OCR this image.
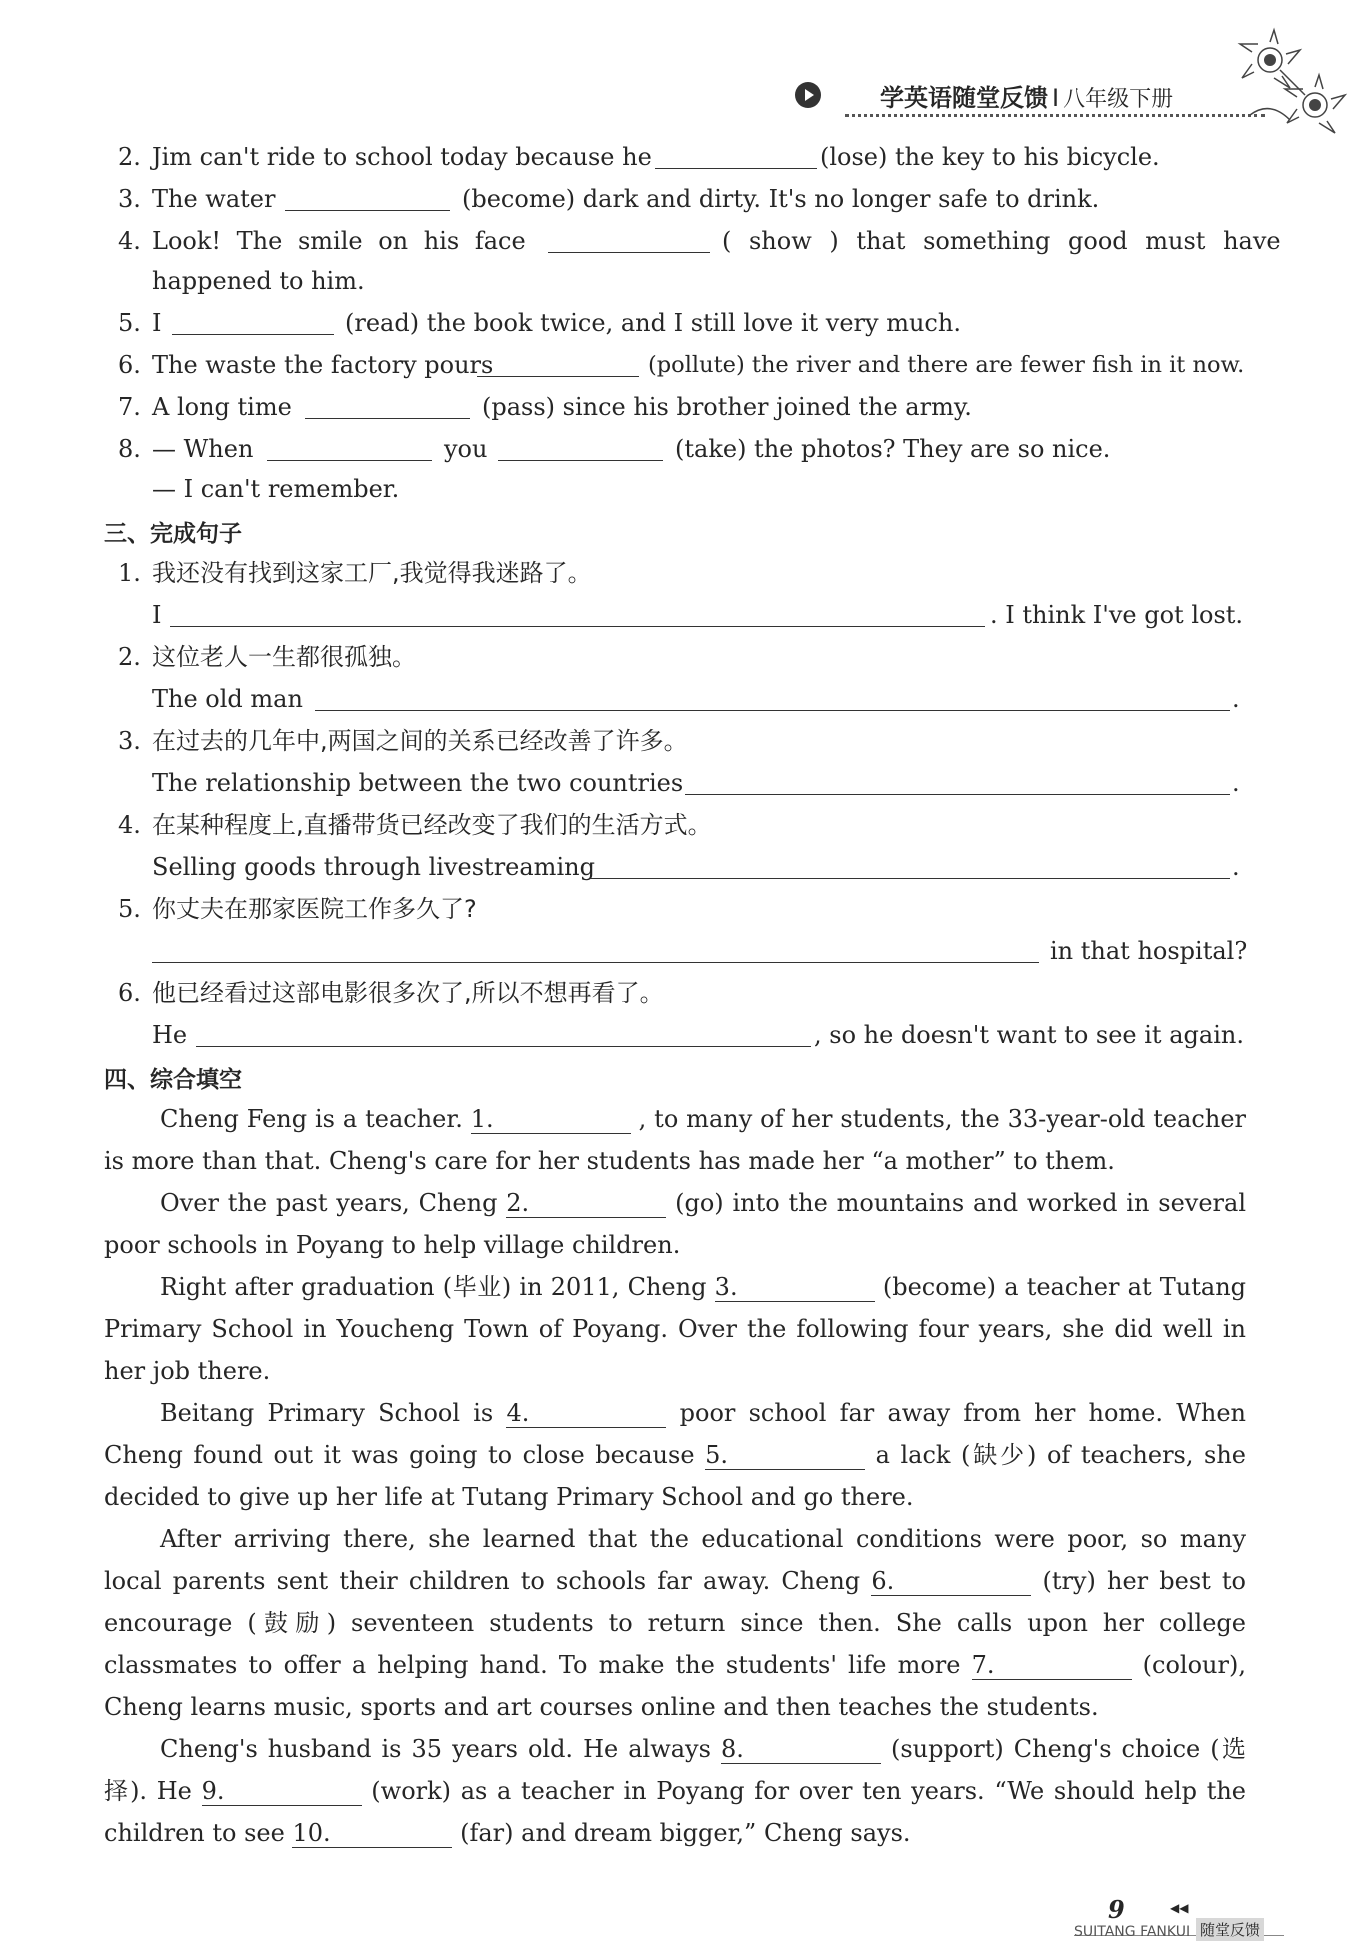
学英语随堂反馈 I 八年级下册
2. Jim can't ride to school today because he	(lose) the key to his bicycle.
3. The water	(become) dark and dirty. It's no longer safe to drink.
4. Look! The smile on his face	( show ) that something good must have
happened to him.
5. I	(read) the book twice, and I still love it very much.
6. The waste the factory pours	(pollute) the river and there are fewer fish in it now.
7. A long time	(pass) since his brother joined the army.
8. — When	you	(take) the photos? They are so nice.
— I can't remember.
三、完成句子
1. 我还没有找到这家工厂,我觉得我迷路了。
I	. I think I've got lost.
2. 这位老人一生都很孤独。
The old man	.
3. 在过去的几年中,两国之间的关系已经改善了许多。
The relationship between the two countries	.
4. 在某种程度上,直播带货已经改变了我们的生活方式。
Selling goods through livestreaming	.
5. 你丈夫在那家医院工作多久了?
in that hospital?
6. 他已经看过这部电影很多次了,所以不想再看了。
He	, so he doesn't want to see it again.
四、综合填空

Cheng Feng is a teacher. 1.	, to many of her students, the 33-year-old teacher is more than that. Cheng's care for her students has made her “a mother” to them.

Over the past years, Cheng 2.	(go) into the mountains and worked in several poor schools in Poyang to help village children.

Right after graduation (毕业) in 2011, Cheng 3.	(become) a teacher at Tutang Primary School in Youcheng Town of Poyang. Over the following four years, she did well in her job there.

Beitang Primary School is 4.	poor school far away from her home. When Cheng found out it was going to close because 5.	a lack (缺少) of teachers, she decided to give up her life at Tutang Primary School and go there.

After arriving there, she learned that the educational conditions were poor, so many local parents sent their children to schools far away. Cheng 6.	(try) her best to encourage (鼓励) seventeen students to return since then. She calls upon her college classmates to offer a helping hand. To make the students' life more 7.	(colour), Cheng learns music, sports and art courses online and then teaches the students.

Cheng's husband is 35 years old. He always 8.	(support) Cheng's choice (选择). He 9.	(work) as a teacher in Poyang for over ten years. “We should help the children to see 10.	(far) and dream bigger,” Cheng says.

9	◀◀
SUITANG FANKUI 随堂反馈
